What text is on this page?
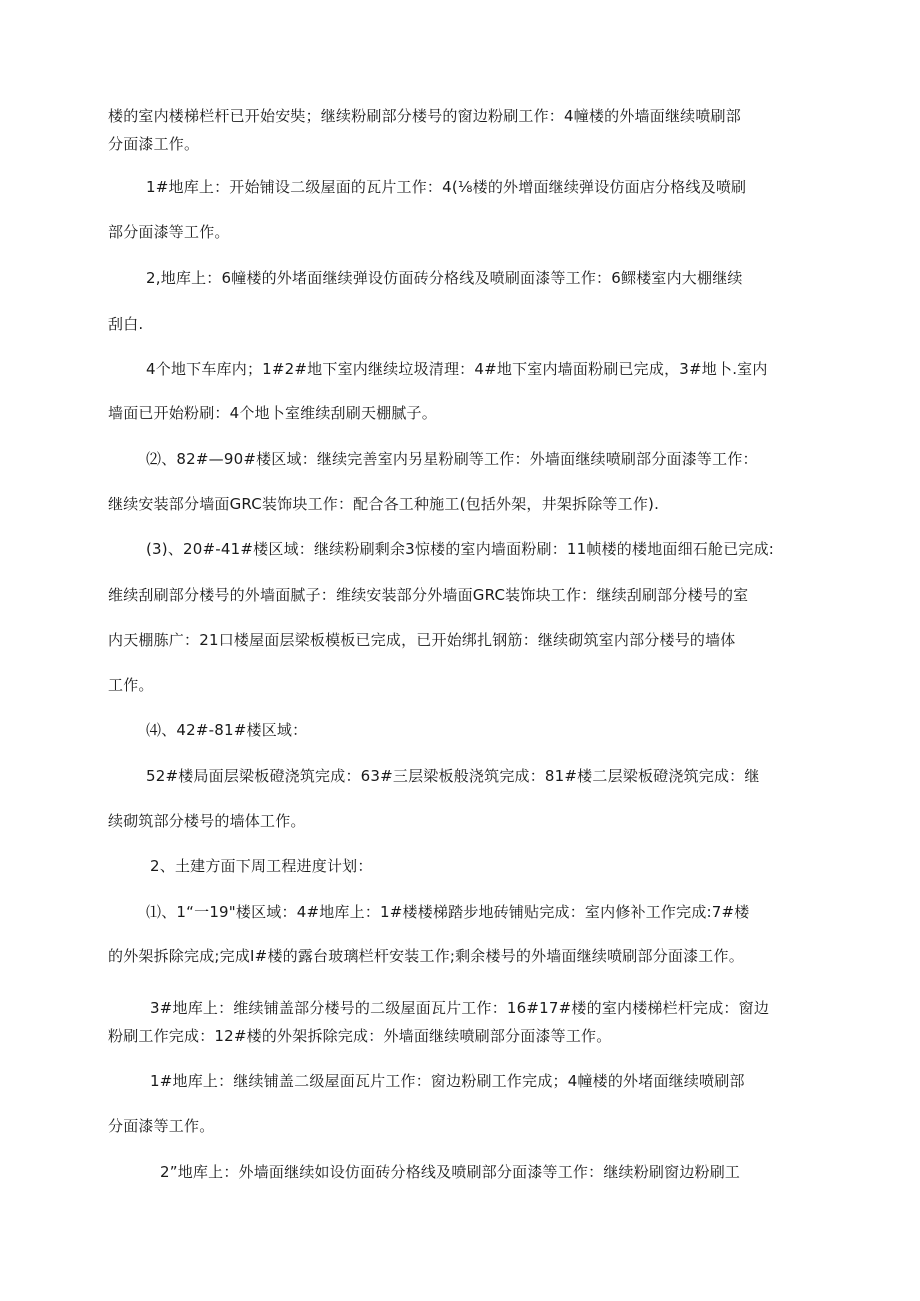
楼的室内楼梯栏杆已开始安奘；继续粉刷部分楼号的窗边粉刷工作：4幢楼的外墙面继续喷刷部
分面漆工作。
1#地库上：开始铺设二级屋面的瓦片工作：4(⅛楼的外增面继续弹设仿面店分格线及喷刷
部分面漆等工作。
2,地库上：6幢楼的外堵面继续弹设仿面砖分格线及喷刷面漆等工作：6鳏楼室内大棚继续
刮白.
4个地下车库内；1#2#地下室内继续垃圾清理：4#地下室内墙面粉刷已完成，3#地卜.室内
墙面已开始粉刷：4个地卜室维续刮刷天棚腻子。
⑵、82#—90#楼区域：继续完善室内另星粉刷等工作：外墙面继续喷刷部分面漆等工作：
继续安装部分墙面GRC装饰块工作：配合各工种施工(包括外架，井架拆除等工作).
(3)、20#-41#楼区域：继续粉刷剩余3惊楼的室内墙面粉刷：11帧楼的楼地面细石舱已完成:
维续刮刷部分楼号的外墙面腻子：维续安装部分外墙面GRC装饰块工作：继续刮刷部分楼号的室
内天棚胨广：21口楼屋面层梁板模板已完成，已开始绑扎钢筋：继续砌筑室内部分楼号的墙体
工作。
⑷、42#-81#楼区域：
52#楼局面层梁板磴浇筑完成：63#三层梁板般浇筑完成：81#楼二层梁板磴浇筑完成：继
续砌筑部分楼号的墙体工作。
2、土建方面下周工程进度计划：
⑴、1“一19"楼区域：4#地库上：1#楼楼梯踏步地砖铺贴完成：室内修补工作完成:7#楼
的外架拆除完成;完成I#楼的露台玻璃栏杆安装工作;剩余楼号的外墙面继续喷刷部分面漆工作。
3#地库上：维续铺盖部分楼号的二级屋面瓦片工作：16#17#楼的室内楼梯栏杆完成：窗边
粉刷工作完成：12#楼的外架拆除完成：外墙面继续喷刷部分面漆等工作。
1#地库上：继续铺盖二级屋面瓦片工作：窗边粉刷工作完成；4幢楼的外堵面继续喷刷部
分面漆等工作。
2”地库上：外墙面继续如设仿面砖分格线及喷刷部分面漆等工作：继续粉刷窗边粉刷工
